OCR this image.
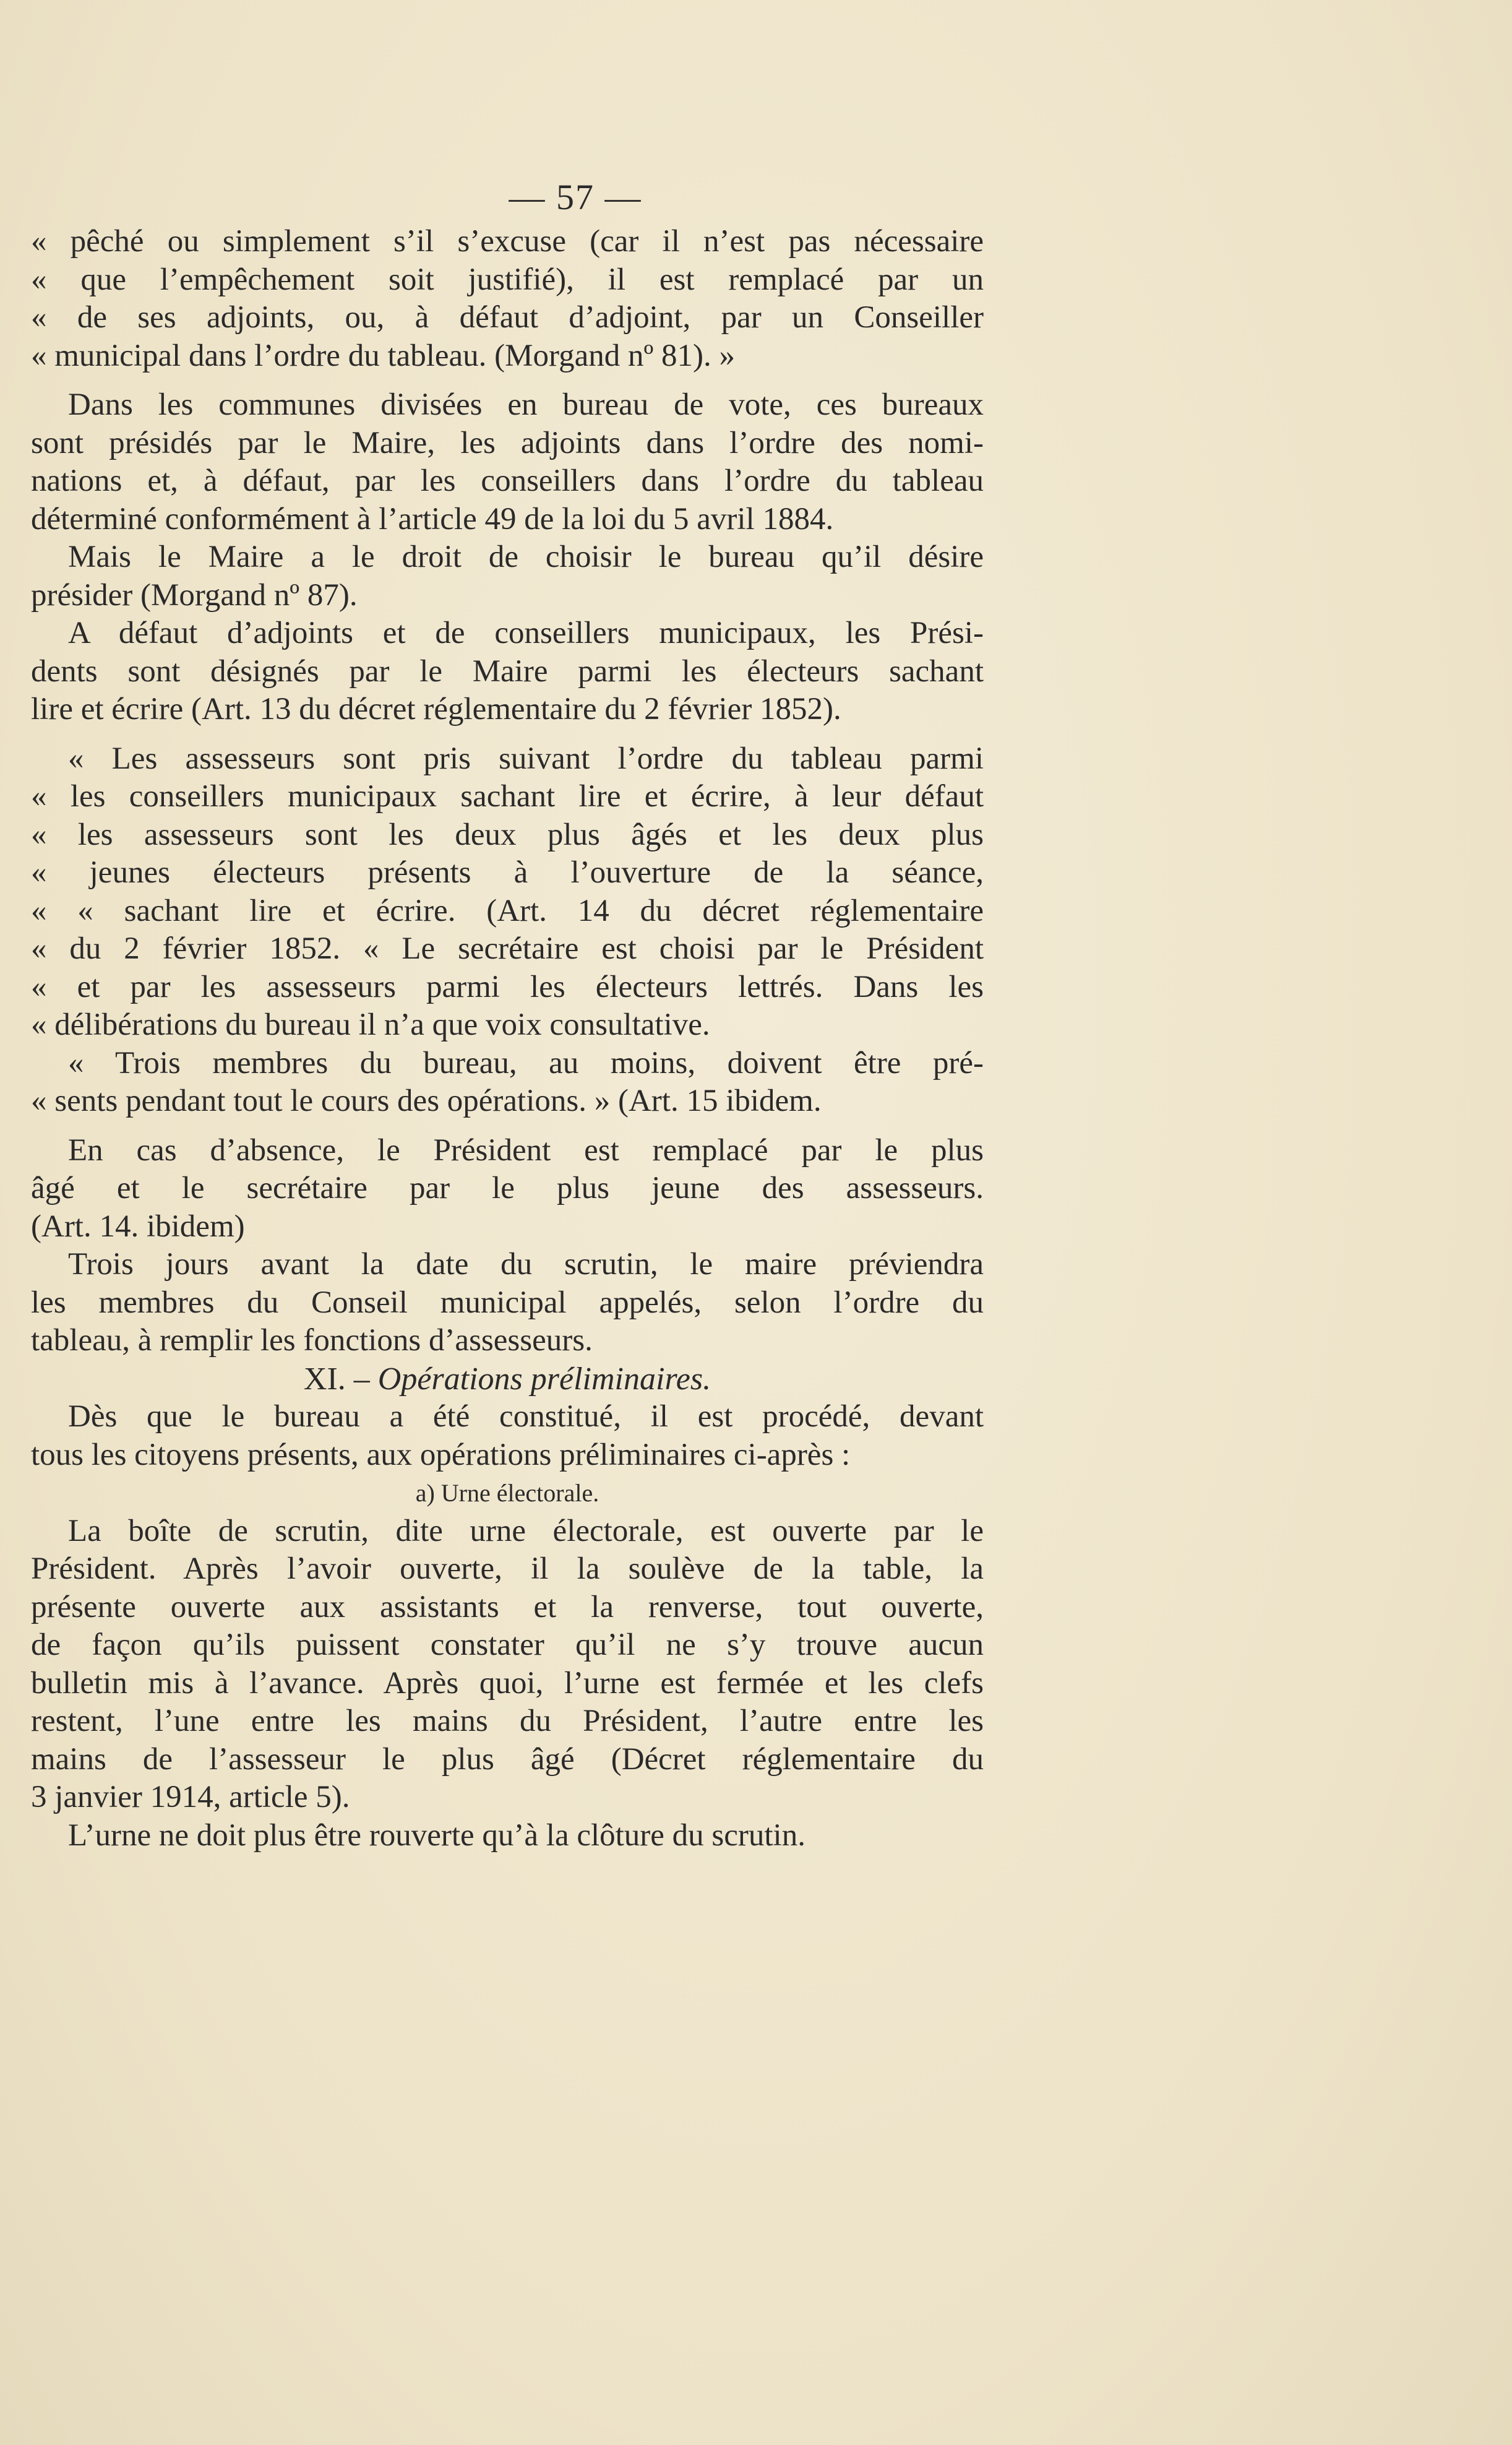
— 57 —

« pêché ou simplement s’il s’excuse (car il n’est pas nécessaire

« que l’empêchement soit justifié), il est remplacé par un

« de ses adjoints, ou, à défaut d’adjoint, par un Conseiller

« municipal dans l’ordre du tableau. (Morgand nº 81). »

Dans les communes divisées en bureau de vote, ces bureaux

sont présidés par le Maire, les adjoints dans l’ordre des nomi-

nations et, à défaut, par les conseillers dans l’ordre du tableau

déterminé conformément à l’article 49 de la loi du 5 avril 1884.

Mais le Maire a le droit de choisir le bureau qu’il désire

présider (Morgand nº 87).

A défaut d’adjoints et de conseillers municipaux, les Prési-

dents sont désignés par le Maire parmi les électeurs sachant

lire et écrire (Art. 13 du décret réglementaire du 2 février 1852).

« Les assesseurs sont pris suivant l’ordre du tableau parmi

« les conseillers municipaux sachant lire et écrire, à leur défaut

« les assesseurs sont les deux plus âgés et les deux plus

« jeunes électeurs présents à l’ouverture de la séance,

« « sachant lire et écrire. (Art. 14 du décret réglementaire

« du 2 février 1852. « Le secrétaire est choisi par le Président

« et par les assesseurs parmi les électeurs lettrés. Dans les

« délibérations du bureau il n’a que voix consultative.

« Trois membres du bureau, au moins, doivent être pré-

« sents pendant tout le cours des opérations. » (Art. 15 ibidem.

En cas d’absence, le Président est remplacé par le plus

âgé et le secrétaire par le plus jeune des assesseurs.

(Art. 14. ibidem)

Trois jours avant la date du scrutin, le maire préviendra

les membres du Conseil municipal appelés, selon l’ordre du

tableau, à remplir les fonctions d’assesseurs.

XI. – Opérations préliminaires.

Dès que le bureau a été constitué, il est procédé, devant

tous les citoyens présents, aux opérations préliminaires ci-après :

a) Urne électorale.

La boîte de scrutin, dite urne électorale, est ouverte par le

Président. Après l’avoir ouverte, il la soulève de la table, la

présente ouverte aux assistants et la renverse, tout ouverte,

de façon qu’ils puissent constater qu’il ne s’y trouve aucun

bulletin mis à l’avance. Après quoi, l’urne est fermée et les clefs

restent, l’une entre les mains du Président, l’autre entre les

mains de l’assesseur le plus âgé (Décret réglementaire du

3 janvier 1914, article 5).

L’urne ne doit plus être rouverte qu’à la clôture du scrutin.
